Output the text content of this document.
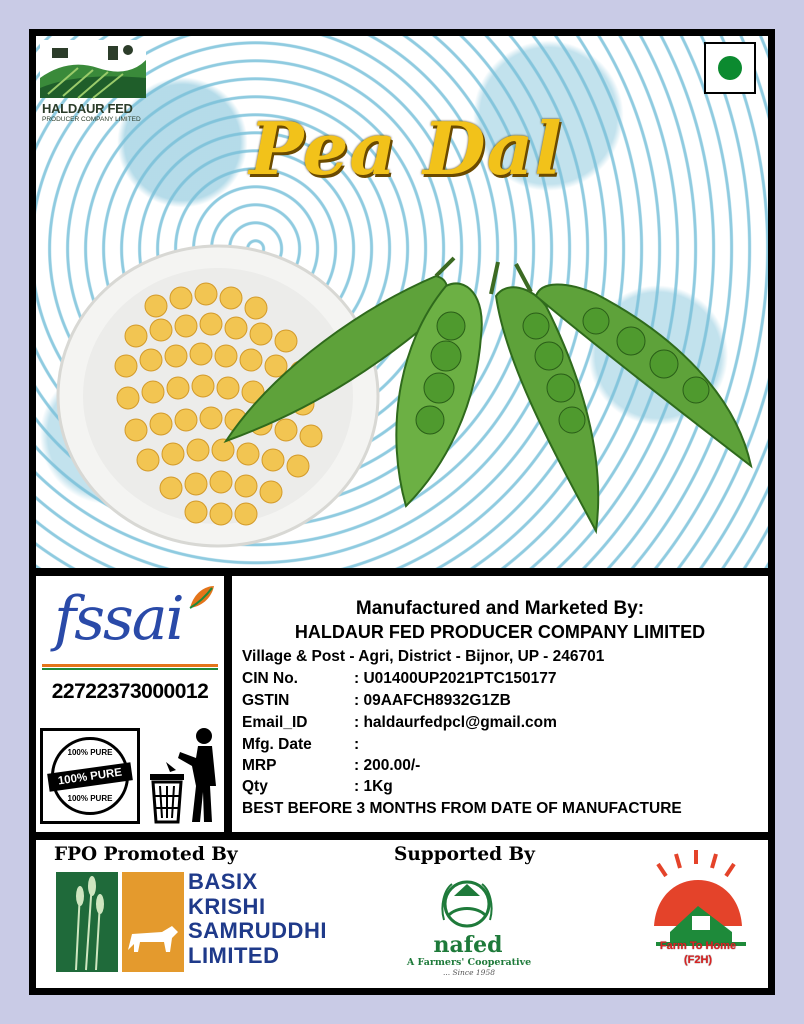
HALDAUR FED
PRODUCER COMPANY LIMITED	Pea Dal
fssai
22722373000012
100% PURE
100% PURE
100% PURE
Manufactured and Marketed By:
HALDAUR FED PRODUCER COMPANY LIMITED
Village & Post - Agri, District - Bijnor, UP - 246701
CIN No.	: U01400UP2021PTC150177
GSTIN	: 09AAFCH8932G1ZB
Email_ID	: haldaurfedpcl@gmail.com
Mfg. Date	:
MRP	: 200.00/-
Qty	: 1Kg
BEST BEFORE 3 MONTHS FROM DATE OF MANUFACTURE
FPO Promoted By	Supported By
BASIX
KRISHI
SAMRUDDHI
LIMITED	nafed
A Farmers' Cooperative
... Since 1958
Farm To Home
(F2H)
